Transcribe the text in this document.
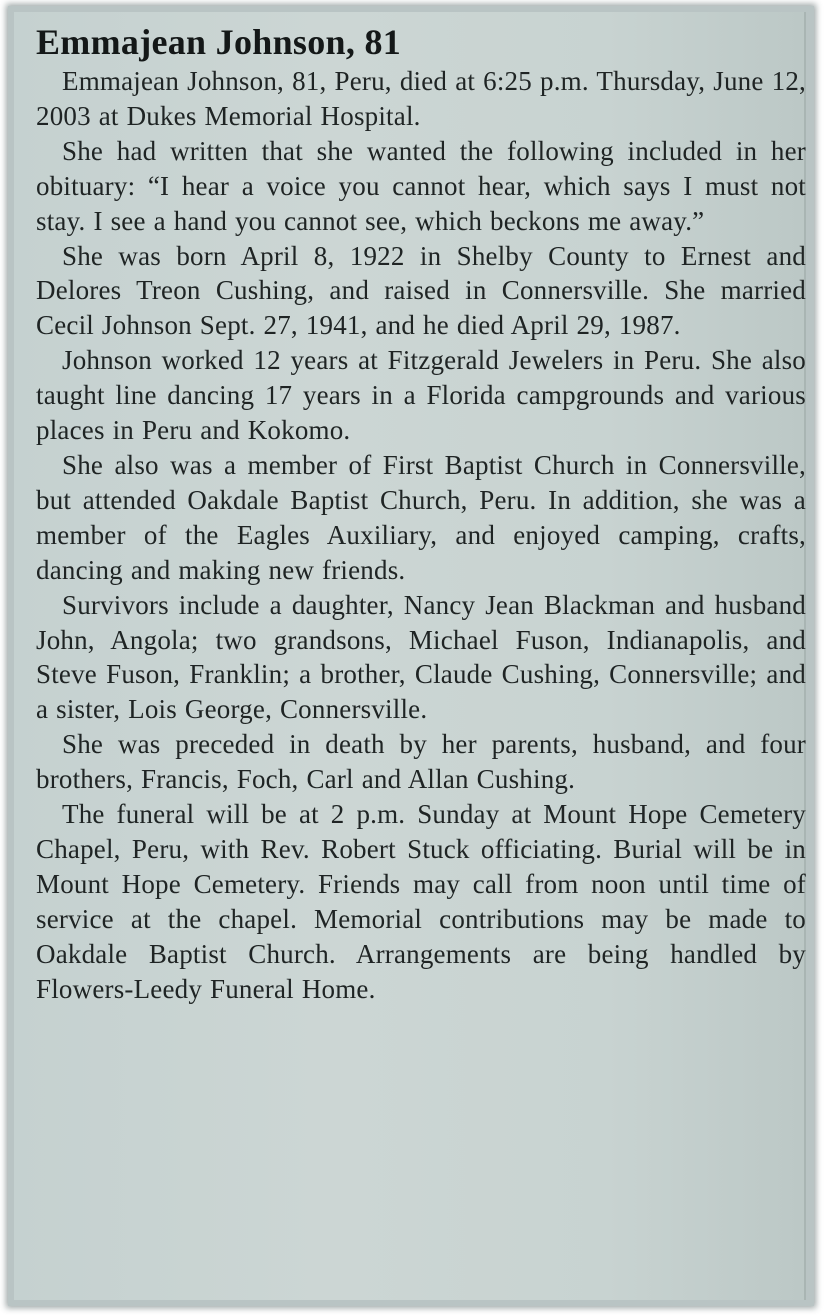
Emmajean Johnson, 81

Emmajean Johnson, 81, Peru, died at 6:25 p.m. Thursday, June 12, 2003 at Dukes Memorial Hospital.

She had written that she wanted the following included in her obituary: “I hear a voice you cannot hear, which says I must not stay. I see a hand you cannot see, which beckons me away.”

She was born April 8, 1922 in Shelby County to Ernest and Delores Treon Cushing, and raised in Connersville. She married Cecil Johnson Sept. 27, 1941, and he died April 29, 1987.

Johnson worked 12 years at Fitzgerald Jewelers in Peru. She also taught line dancing 17 years in a Florida campgrounds and various places in Peru and Kokomo.

She also was a member of First Baptist Church in Connersville, but attended Oakdale Baptist Church, Peru. In addition, she was a member of the Eagles Auxiliary, and enjoyed camping, crafts, dancing and making new friends.

Survivors include a daughter, Nancy Jean Blackman and husband John, Angola; two grandsons, Michael Fuson, Indianapolis, and Steve Fuson, Franklin; a brother, Claude Cushing, Connersville; and a sister, Lois George, Connersville.

She was preceded in death by her parents, husband, and four brothers, Francis, Foch, Carl and Allan Cushing.

The funeral will be at 2 p.m. Sunday at Mount Hope Cemetery Chapel, Peru, with Rev. Robert Stuck officiating. Burial will be in Mount Hope Cemetery. Friends may call from noon until time of service at the chapel. Memorial contributions may be made to Oakdale Baptist Church. Arrangements are being handled by Flowers-Leedy Funeral Home.
